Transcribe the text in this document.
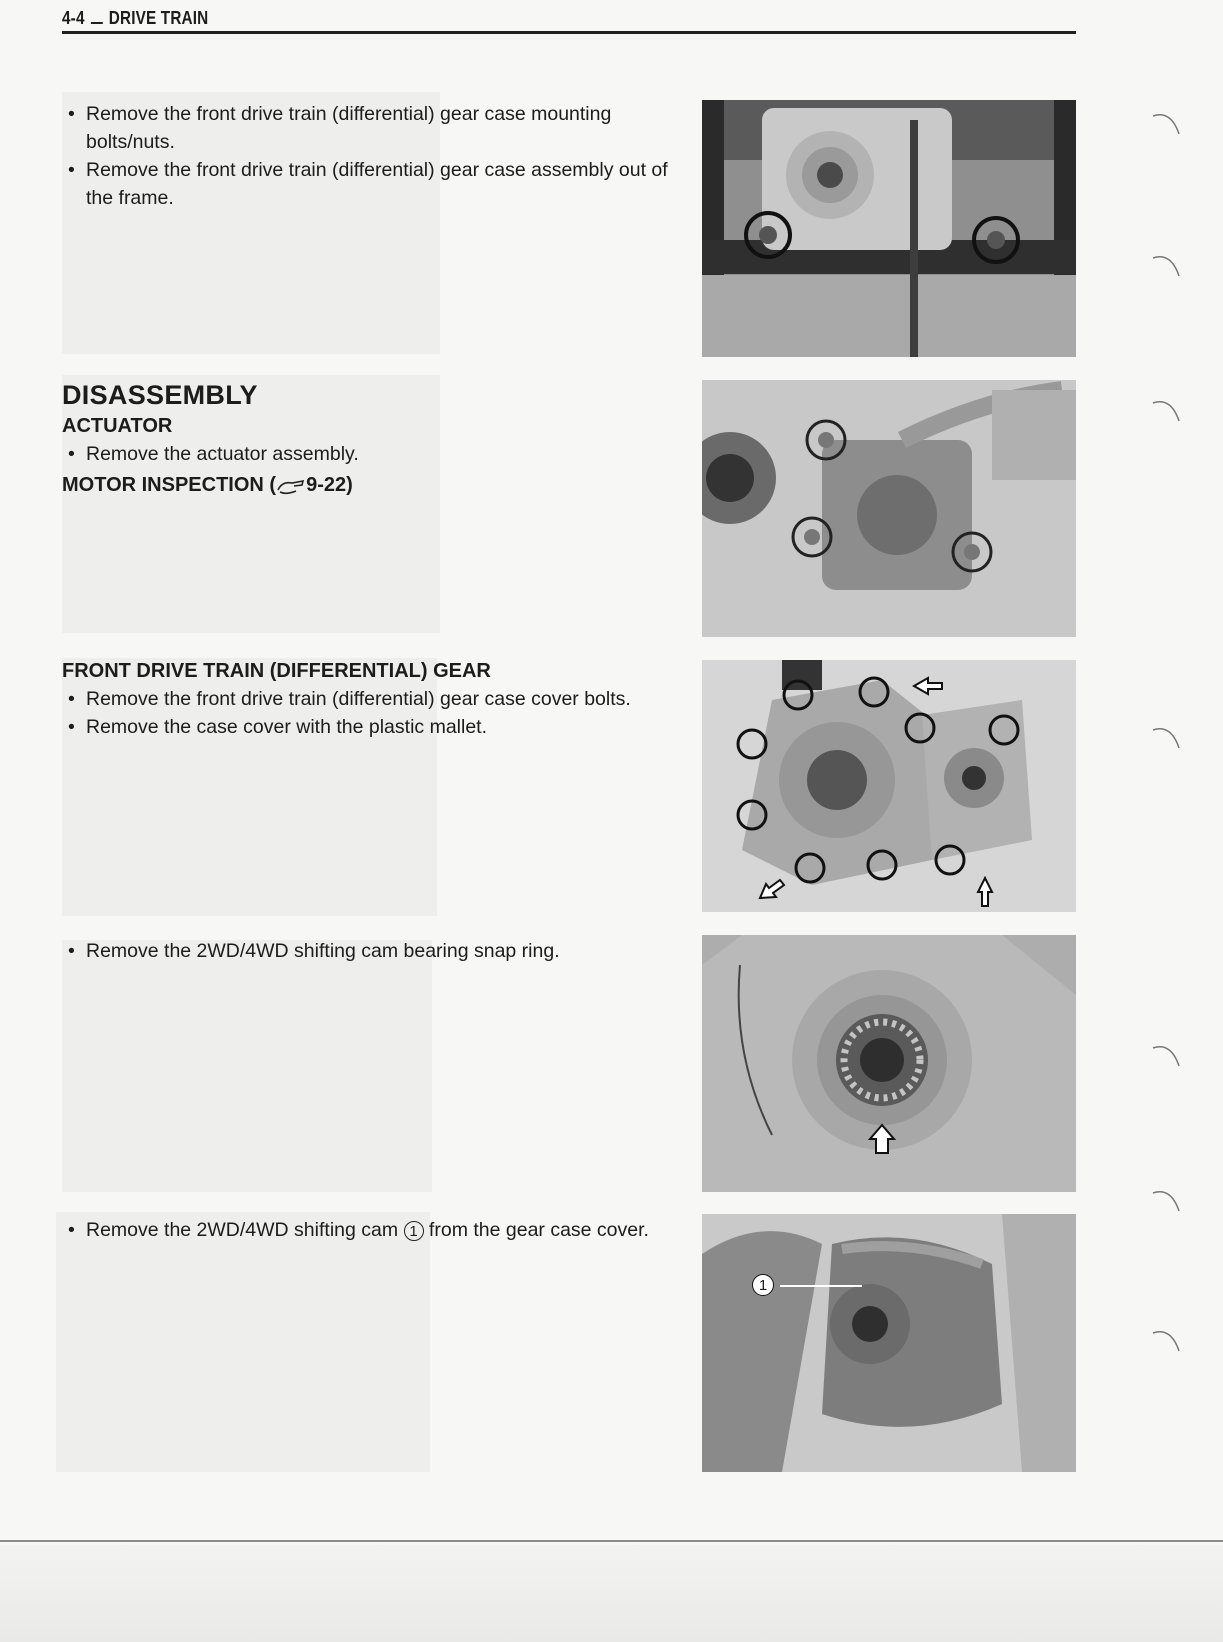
4-4 DRIVE TRAIN
• Remove the front drive train (differential) gear case mounting bolts/nuts.
• Remove the front drive train (differential) gear case assembly out of the frame.
DISASSEMBLY
ACTUATOR
• Remove the actuator assembly.
MOTOR INSPECTION ( 9-22)
FRONT DRIVE TRAIN (DIFFERENTIAL) GEAR
• Remove the front drive train (differential) gear case cover bolts.
• Remove the case cover with the plastic mallet.
• Remove the 2WD/4WD shifting cam bearing snap ring.
• Remove the 2WD/4WD shifting cam 1 from the gear case cover.
1
